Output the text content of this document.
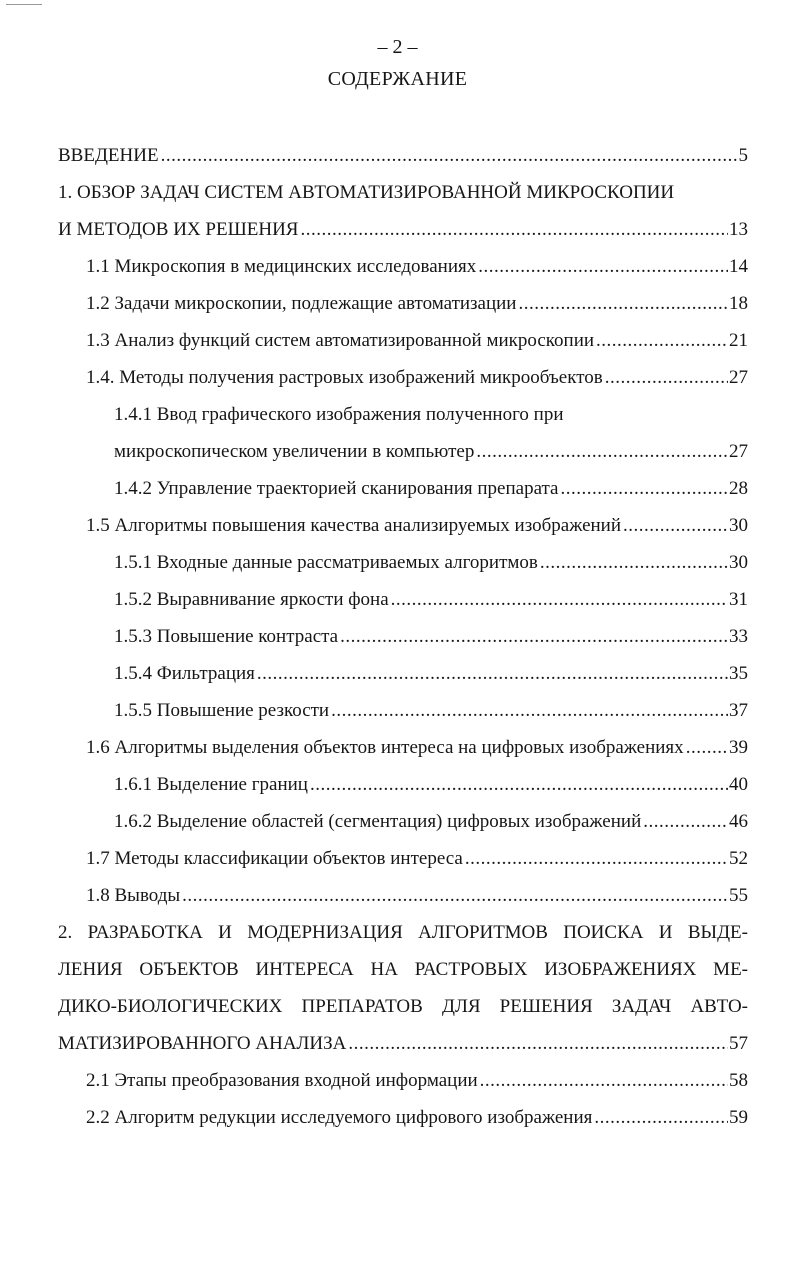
– 2 –
СОДЕРЖАНИЕ
ВВЕДЕНИЕ .....	5
1. ОБЗОР ЗАДАЧ СИСТЕМ АВТОМАТИЗИРОВАННОЙ МИКРОСКОПИИ
И МЕТОДОВ ИХ РЕШЕНИЯ .....	13
1.1 Микроскопия в медицинских исследованиях .....	14
1.2 Задачи микроскопии, подлежащие автоматизации .....	18
1.3 Анализ функций систем автоматизированной микроскопии .....	21
1.4. Методы получения растровых изображений микрообъектов .....	27
1.4.1 Ввод графического изображения полученного при
микроскопическом увеличении в компьютер .....	27
1.4.2 Управление траекторией сканирования препарата .....	28
1.5 Алгоритмы повышения качества анализируемых изображений .....	30
1.5.1 Входные данные рассматриваемых алгоритмов .....	30
1.5.2 Выравнивание яркости фона .....	31
1.5.3 Повышение контраста .....	33
1.5.4 Фильтрация .....	35
1.5.5 Повышение резкости .....	37
1.6 Алгоритмы выделения объектов интереса на цифровых изображениях ..... 39
1.6.1 Выделение границ .....	40
1.6.2 Выделение областей (сегментация) цифровых изображений .....	46
1.7 Методы классификации объектов интереса .....	52
1.8 Выводы .....	55
2. РАЗРАБОТКА И МОДЕРНИЗАЦИЯ АЛГОРИТМОВ ПОИСКА И ВЫДЕ-
ЛЕНИЯ ОБЪЕКТОВ ИНТЕРЕСА НА РАСТРОВЫХ ИЗОБРАЖЕНИЯХ МЕ-
ДИКО-БИОЛОГИЧЕСКИХ ПРЕПАРАТОВ ДЛЯ РЕШЕНИЯ ЗАДАЧ АВТО-
МАТИЗИРОВАННОГО АНАЛИЗА .....	57
2.1 Этапы преобразования входной информации .....	58
2.2 Алгоритм редукции исследуемого цифрового изображения .....	59
